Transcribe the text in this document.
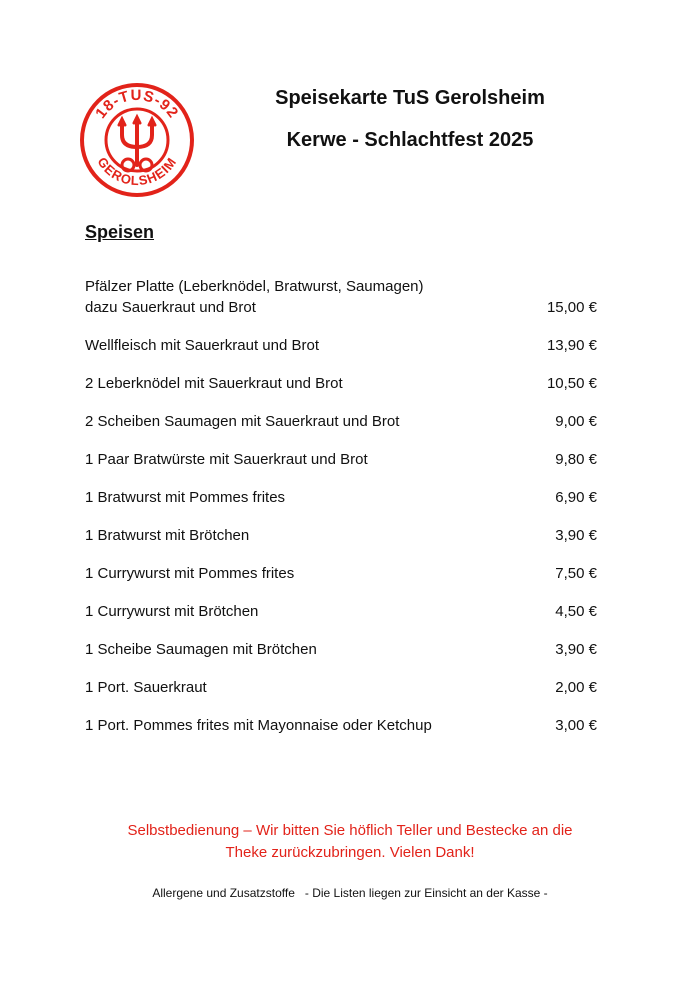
18-TUS-92
GEROLSHEIM
Speisekarte TuS Gerolsheim
Kerwe - Schlachtfest 2025
Speisen
Pfälzer Platte (Leberknödel, Bratwurst, Saumagen)
dazu Sauerkraut und Brot	15,00 €
Wellfleisch mit Sauerkraut und Brot	13,90 €
2 Leberknödel mit Sauerkraut und Brot	10,50 €
2 Scheiben Saumagen mit Sauerkraut und Brot	9,00 €
1 Paar Bratwürste mit Sauerkraut und Brot	9,80 €
1 Bratwurst mit Pommes frites	6,90 €
1 Bratwurst mit Brötchen	3,90 €
1 Currywurst mit Pommes frites	7,50 €
1 Currywurst mit Brötchen	4,50 €
1 Scheibe Saumagen mit Brötchen	3,90 €
1 Port. Sauerkraut	2,00 €
1 Port. Pommes frites mit Mayonnaise oder Ketchup	3,00 €

Selbstbedienung – Wir bitten Sie höflich Teller und Bestecke an die
Theke zurückzubringen. Vielen Dank!

Allergene und Zusatzstoffe   - Die Listen liegen zur Einsicht an der Kasse -
